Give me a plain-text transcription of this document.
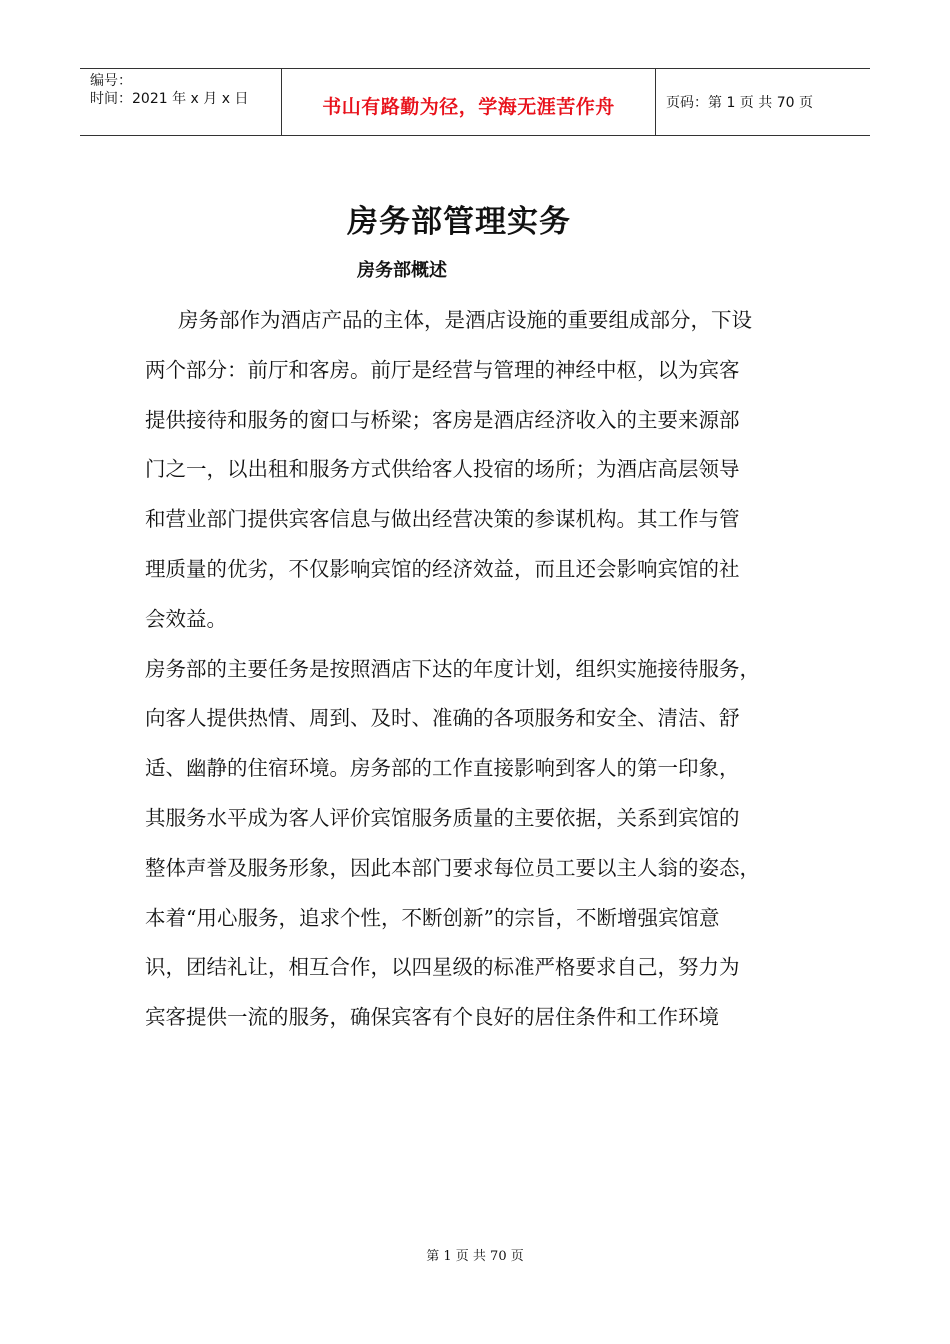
编号：
时间：2021 年 x 月 x 日	书山有路勤为径，学海无涯苦作舟	页码：第 1 页 共 70 页
房务部管理实务
房务部概述
房务部作为酒店产品的主体，是酒店设施的重要组成部分，下设
两个部分：前厅和客房。前厅是经营与管理的神经中枢，以为宾客
提供接待和服务的窗口与桥梁；客房是酒店经济收入的主要来源部
门之一，以出租和服务方式供给客人投宿的场所；为酒店高层领导
和营业部门提供宾客信息与做出经营决策的参谋机构。其工作与管
理质量的优劣，不仅影响宾馆的经济效益，而且还会影响宾馆的社
会效益。
房务部的主要任务是按照酒店下达的年度计划，组织实施接待服务，
向客人提供热情、周到、及时、准确的各项服务和安全、清洁、舒
适、幽静的住宿环境。房务部的工作直接影响到客人的第一印象，
其服务水平成为客人评价宾馆服务质量的主要依据，关系到宾馆的
整体声誉及服务形象，因此本部门要求每位员工要以主人翁的姿态，
本着“用心服务，追求个性，不断创新”的宗旨，不断增强宾馆意
识，团结礼让，相互合作，以四星级的标准严格要求自己，努力为
宾客提供一流的服务，确保宾客有个良好的居住条件和工作环境
第 1 页 共 70 页
